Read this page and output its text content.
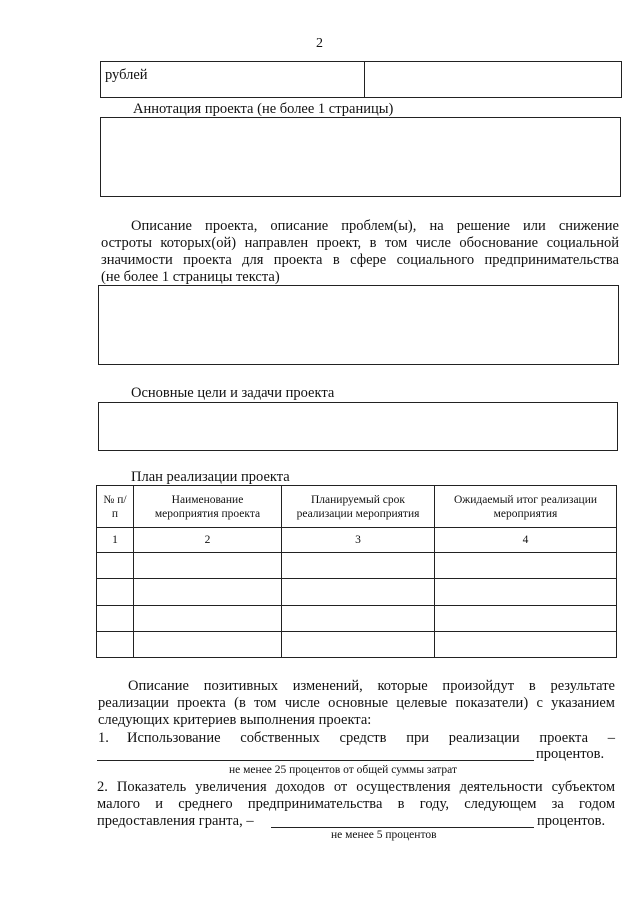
2
рублей
Аннотация проекта (не более 1 страницы)
Описание проекта, описание проблем(ы), на решение или снижение
остроты которых(ой) направлен проект, в том числе обоснование социальной
значимости проекта для проекта в сфере социального предпринимательства
(не более 1 страницы текста)
Основные цели и задачи проекта
План реализации проекта
№ п/п	Наименование мероприятия проекта	Планируемый срок реализации мероприятия	Ожидаемый итог реализации мероприятия
1	2	3	4

Описание позитивных изменений, которые произойдут в результате
реализации проекта (в том числе основные целевые показатели) с указанием
следующих критериев выполнения проекта:
1. Использование собственных средств при реализации проекта –
процентов.
не менее 25 процентов от общей суммы затрат
2. Показатель увеличения доходов от осуществления деятельности субъектом
малого и среднего предпринимательства в году, следующем за годом
предоставления гранта, –	процентов.
не менее 5 процентов
